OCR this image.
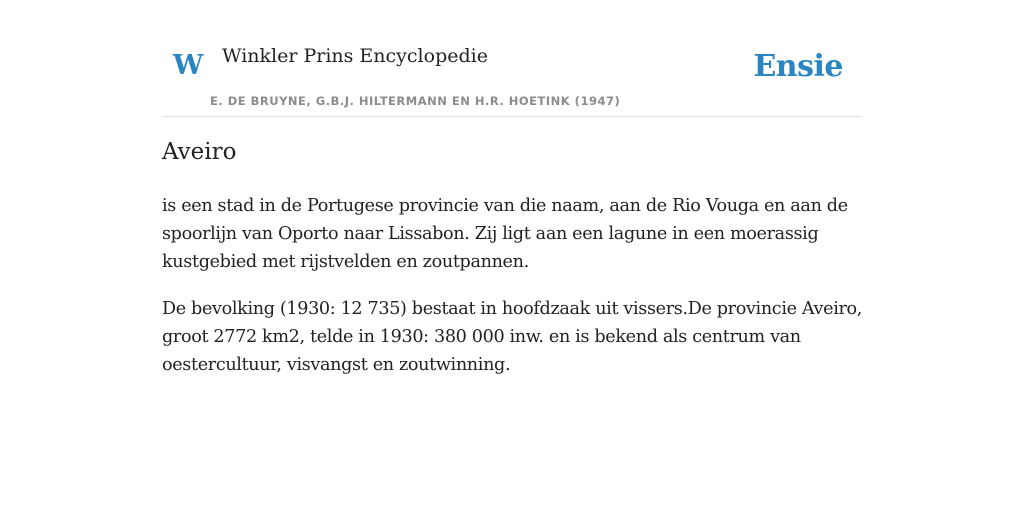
W Winkler Prins Encyclopedie
E. DE BRUYNE, G.B.J. HILTERMANN EN H.R. HOETINK (1947)
Ensie
Aveiro

is een stad in de Portugese provincie van die naam, aan de Rio Vouga en aan de spoorlijn van Oporto naar Lissabon. Zij ligt aan een lagune in een moerassig kustgebied met rijstvelden en zoutpannen.

De bevolking (1930: 12 735) bestaat in hoofdzaak uit vissers.De provincie Aveiro, groot 2772 km2, telde in 1930: 380 000 inw. en is bekend als centrum van oestercultuur, visvangst en zoutwinning.
